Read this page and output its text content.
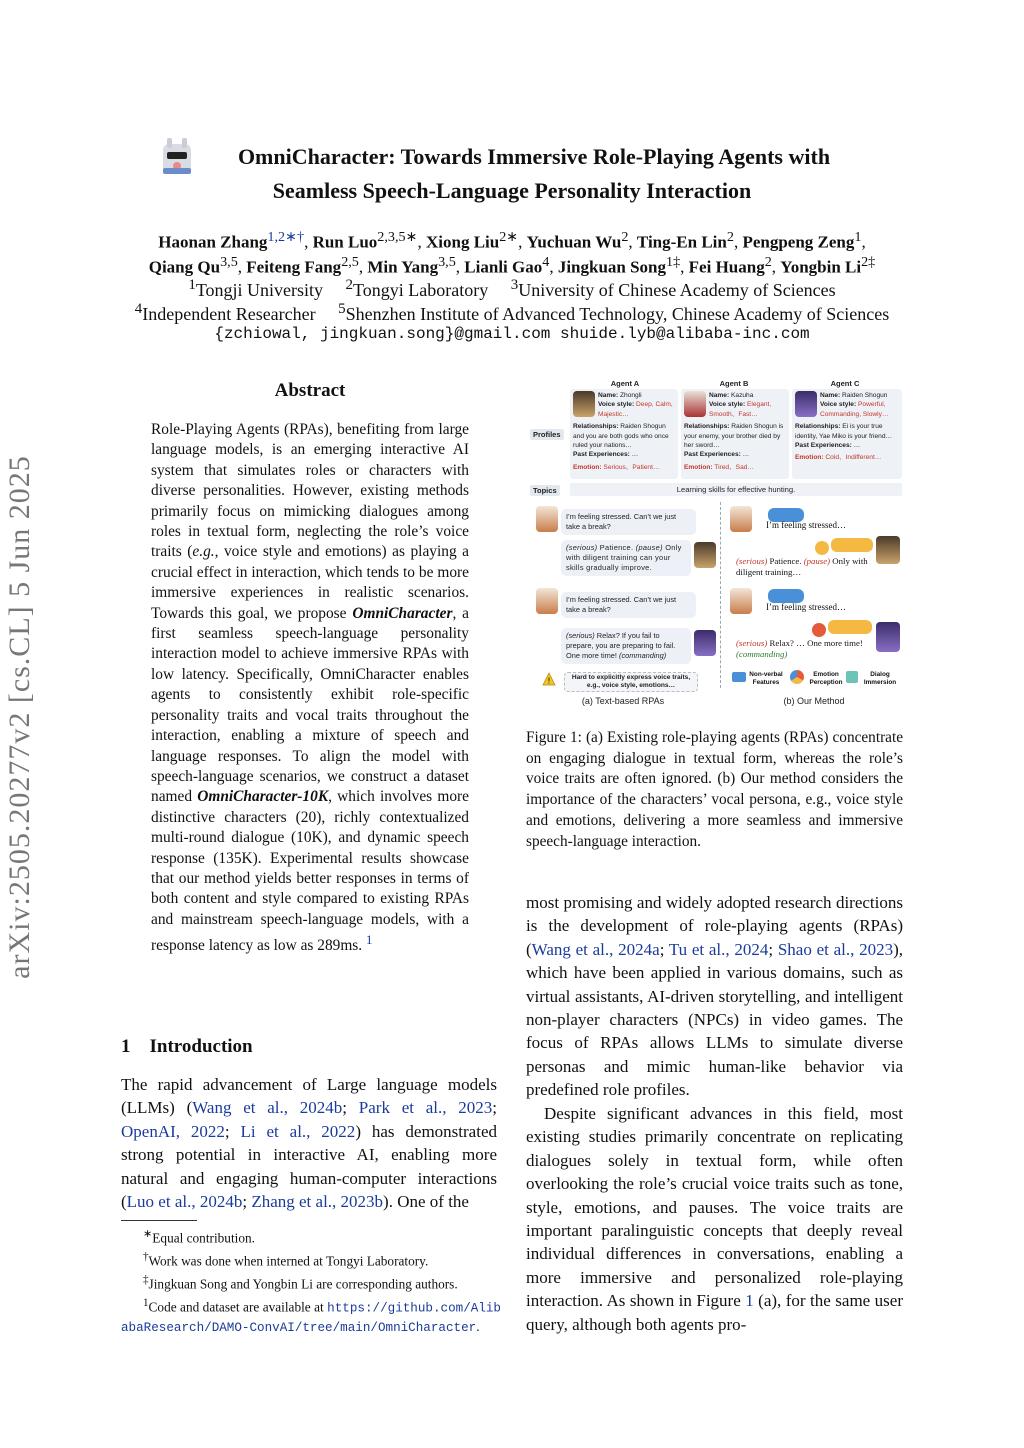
arXiv:2505.20277v2 [cs.CL] 5 Jun 2025
OmniCharacter: Towards Immersive Role-Playing Agents with
Seamless Speech-Language Personality Interaction
Haonan Zhang$^{1,2∗\dagger}$, Run Luo$^{2,3,5∗}$, Xiong Liu$^{2∗}$, Yuchuan Wu$^2$, Ting-En Lin$^2$, Pengpeng Zeng$^1$,
Qiang Qu$^{3,5}$, Feiteng Fang$^{2,5}$, Min Yang$^{3,5}$, Lianli Gao$^4$, Jingkuan Song$^{1\ddagger}$, Fei Huang$^2$, Yongbin $Li^{2\ddagger}$
$^1$Tongji University $^2$Tongyi Laboratory $^3$University of Chinese Academy of Sciences
$^4$Independent Researcher $^5$Shenzhen Institute of Advanced Technology, Chinese Academy of Sciences
{zchiowal, jingkuan.song}@gmail.com shuide.lyb@alibaba-inc.com
Abstract
Role-Playing Agents (RPAs), benefiting from large language models, is an emerging interactive AI system that simulates roles or characters with diverse personalities. However, existing methods primarily focus on mimicking dialogues among roles in textual form, neglecting the role’s voice traits (e.g., voice style and emotions) as playing a crucial effect in interaction, which tends to be more immersive experiences in realistic scenarios. Towards this goal, we propose OmniCharacter, a first seamless speech-language personality interaction model to achieve immersive RPAs with low latency. Specifically, OmniCharacter enables agents to consistently exhibit role-specific personality traits and vocal traits throughout the interaction, enabling a mixture of speech and language responses. To align the model with speech-language scenarios, we construct a dataset named OmniCharacter-10K, which involves more distinctive characters (20), richly contextualized multi-round dialogue (10K), and dynamic speech response (135K). Experimental results showcase that our method yields better responses in terms of both content and style compared to existing RPAs and mainstream speech-language models, with a response latency as low as 289ms. $^1$
1 Introduction
The rapid advancement of Large language models (LLMs) (Wang et al., 2024b; Park et al., 2023; OpenAI, 2022; Li et al., 2022) has demonstrated strong potential in interactive AI, enabling more natural and engaging human-computer interactions (Luo et al., 2024b; Zhang et al., 2023b). One of the
∗Equal contribution.
†Work was done when interned at Tongyi Laboratory.
‡Jingkuan Song and Yongbin Li are corresponding authors.
$^1$Code and dataset are available at https://github.com/AlibabaResearch/DAMO-ConvAI/tree/main/OmniCharacter.
Agent A	Agent B	Agent C
Profiles
Name: Zhongli
Voice style: Deep, Calm, Majestic…
Relationships: Raiden Shogun and you are both gods who once ruled your nations…
Past Experiences: …
Emotion: Serious、Patient…
Name: Kazuha
Voice style: Elegant, Smooth、Fast…
Relationships: Raiden Shogun is your enemy, your brother died by her sword…
Past Experiences: …
Emotion: Tired、Sad…
Name: Raiden Shogun
Voice style: Powerful, Commanding, Slowly…
Relationships: Ei is your true identity, Yae Miko is your friend…
Past Experiences: …
Emotion: Cold、Indifferent…
Topics	Learning skills for effective hunting.
I’m feeling stressed. Can’t we just take a break?
(serious) Patience. (pause) Only with diligent training can your skills gradually improve.
I’m feeling stressed. Can’t we just take a break?
(serious) Relax? If you fail to prepare, you are preparing to fail. One more time! (commanding)
!	Hard to explicitly express voice traits, e.g., voice style, emotions…
(a) Text-based RPAs
I’m feeling stressed…
(serious) Patience. (pause) Only with diligent training…
I’m feeling stressed…
(serious) Relax? … One more time! (commanding)
Non-verbal Features
Emotion Perception
Dialog Immersion
(b) Our Method
Figure 1: (a) Existing role-playing agents (RPAs) concentrate on engaging dialogue in textual form, whereas the role’s voice traits are often ignored. (b) Our method considers the importance of the characters’ vocal persona, e.g., voice style and emotions, delivering a more seamless and immersive speech-language interaction.
most promising and widely adopted research directions is the development of role-playing agents (RPAs) (Wang et al., 2024a; Tu et al., 2024; Shao et al., 2023), which have been applied in various domains, such as virtual assistants, AI-driven storytelling, and intelligent non-player characters (NPCs) in video games. The focus of RPAs allows LLMs to simulate diverse personas and mimic human-like behavior via predefined role profiles.
Despite significant advances in this field, most existing studies primarily concentrate on replicating dialogues solely in textual form, while often overlooking the role’s crucial voice traits such as tone, style, emotions, and pauses. The voice traits are important paralinguistic concepts that deeply reveal individual differences in conversations, enabling a more immersive and personalized role-playing interaction. As shown in Figure 1 (a), for the same user query, although both agents pro-
